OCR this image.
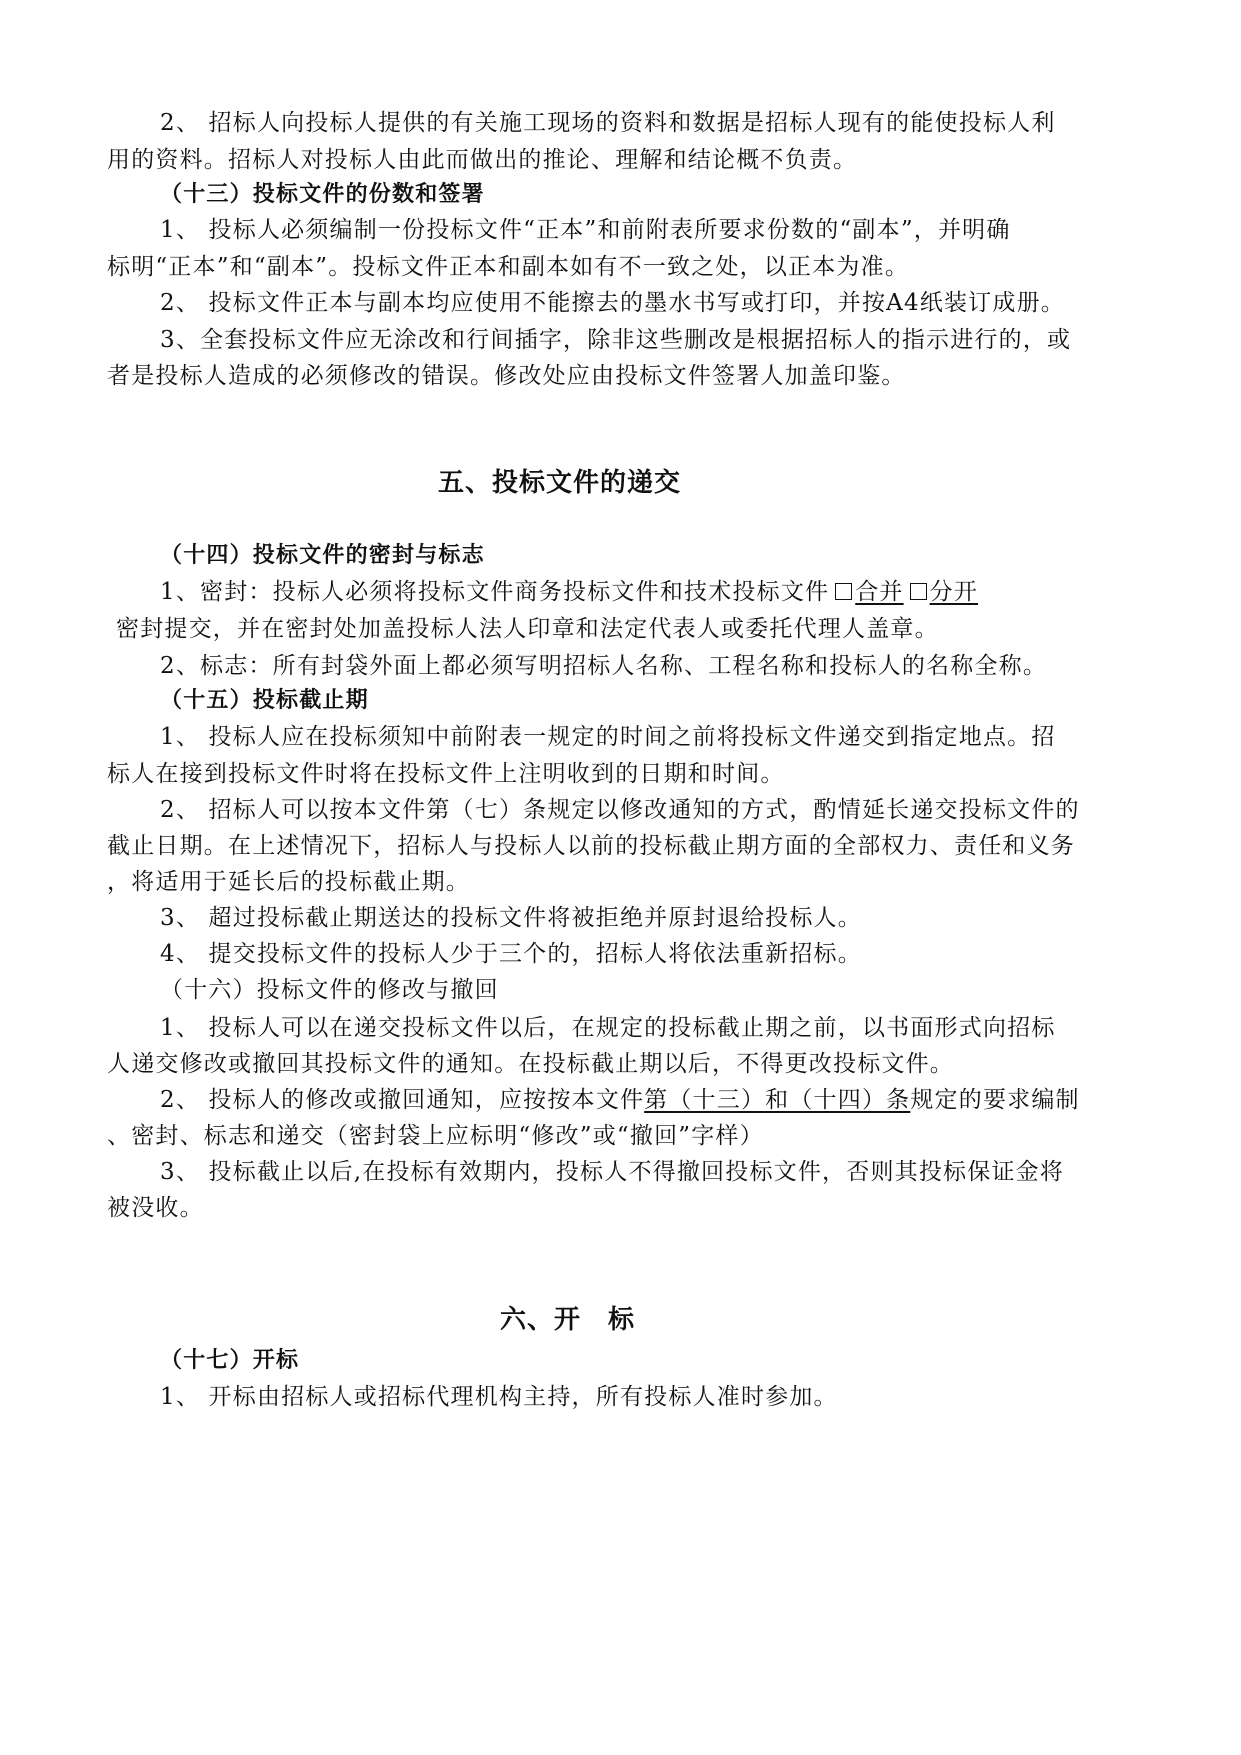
2、 招标人向投标人提供的有关施工现场的资料和数据是招标人现有的能使投标人利
用的资料。招标人对投标人由此而做出的推论、理解和结论概不负责。
（十三）投标文件的份数和签署
1、 投标人必须编制一份投标文件“正本”和前附表所要求份数的“副本”，并明确
标明“正本”和“副本”。投标文件正本和副本如有不一致之处，以正本为准。
2、 投标文件正本与副本均应使用不能擦去的墨水书写或打印，并按A4纸装订成册。
3、全套投标文件应无涂改和行间插字，除非这些删改是根据招标人的指示进行的，或
者是投标人造成的必须修改的错误。修改处应由投标文件签署人加盖印鉴。
五、投标文件的递交
（十四）投标文件的密封与标志
1、密封：投标人必须将投标文件商务投标文件和技术投标文件 合并 分开
密封提交，并在密封处加盖投标人法人印章和法定代表人或委托代理人盖章。
2、标志：所有封袋外面上都必须写明招标人名称、工程名称和投标人的名称全称。
（十五）投标截止期
1、 投标人应在投标须知中前附表一规定的时间之前将投标文件递交到指定地点。招
标人在接到投标文件时将在投标文件上注明收到的日期和时间。
2、 招标人可以按本文件第（七）条规定以修改通知的方式，酌情延长递交投标文件的
截止日期。在上述情况下，招标人与投标人以前的投标截止期方面的全部权力、责任和义务
，将适用于延长后的投标截止期。
3、 超过投标截止期送达的投标文件将被拒绝并原封退给投标人。
4、 提交投标文件的投标人少于三个的，招标人将依法重新招标。
（十六）投标文件的修改与撤回
1、 投标人可以在递交投标文件以后，在规定的投标截止期之前，以书面形式向招标
人递交修改或撤回其投标文件的通知。在投标截止期以后，不得更改投标文件。
2、 投标人的修改或撤回通知，应按按本文件第（十三）和（十四）条规定的要求编制
、密封、标志和递交（密封袋上应标明“修改”或“撤回”字样）
3、 投标截止以后,在投标有效期内，投标人不得撤回投标文件，否则其投标保证金将
被没收。
六、开　标
（十七）开标
1、 开标由招标人或招标代理机构主持，所有投标人准时参加。
